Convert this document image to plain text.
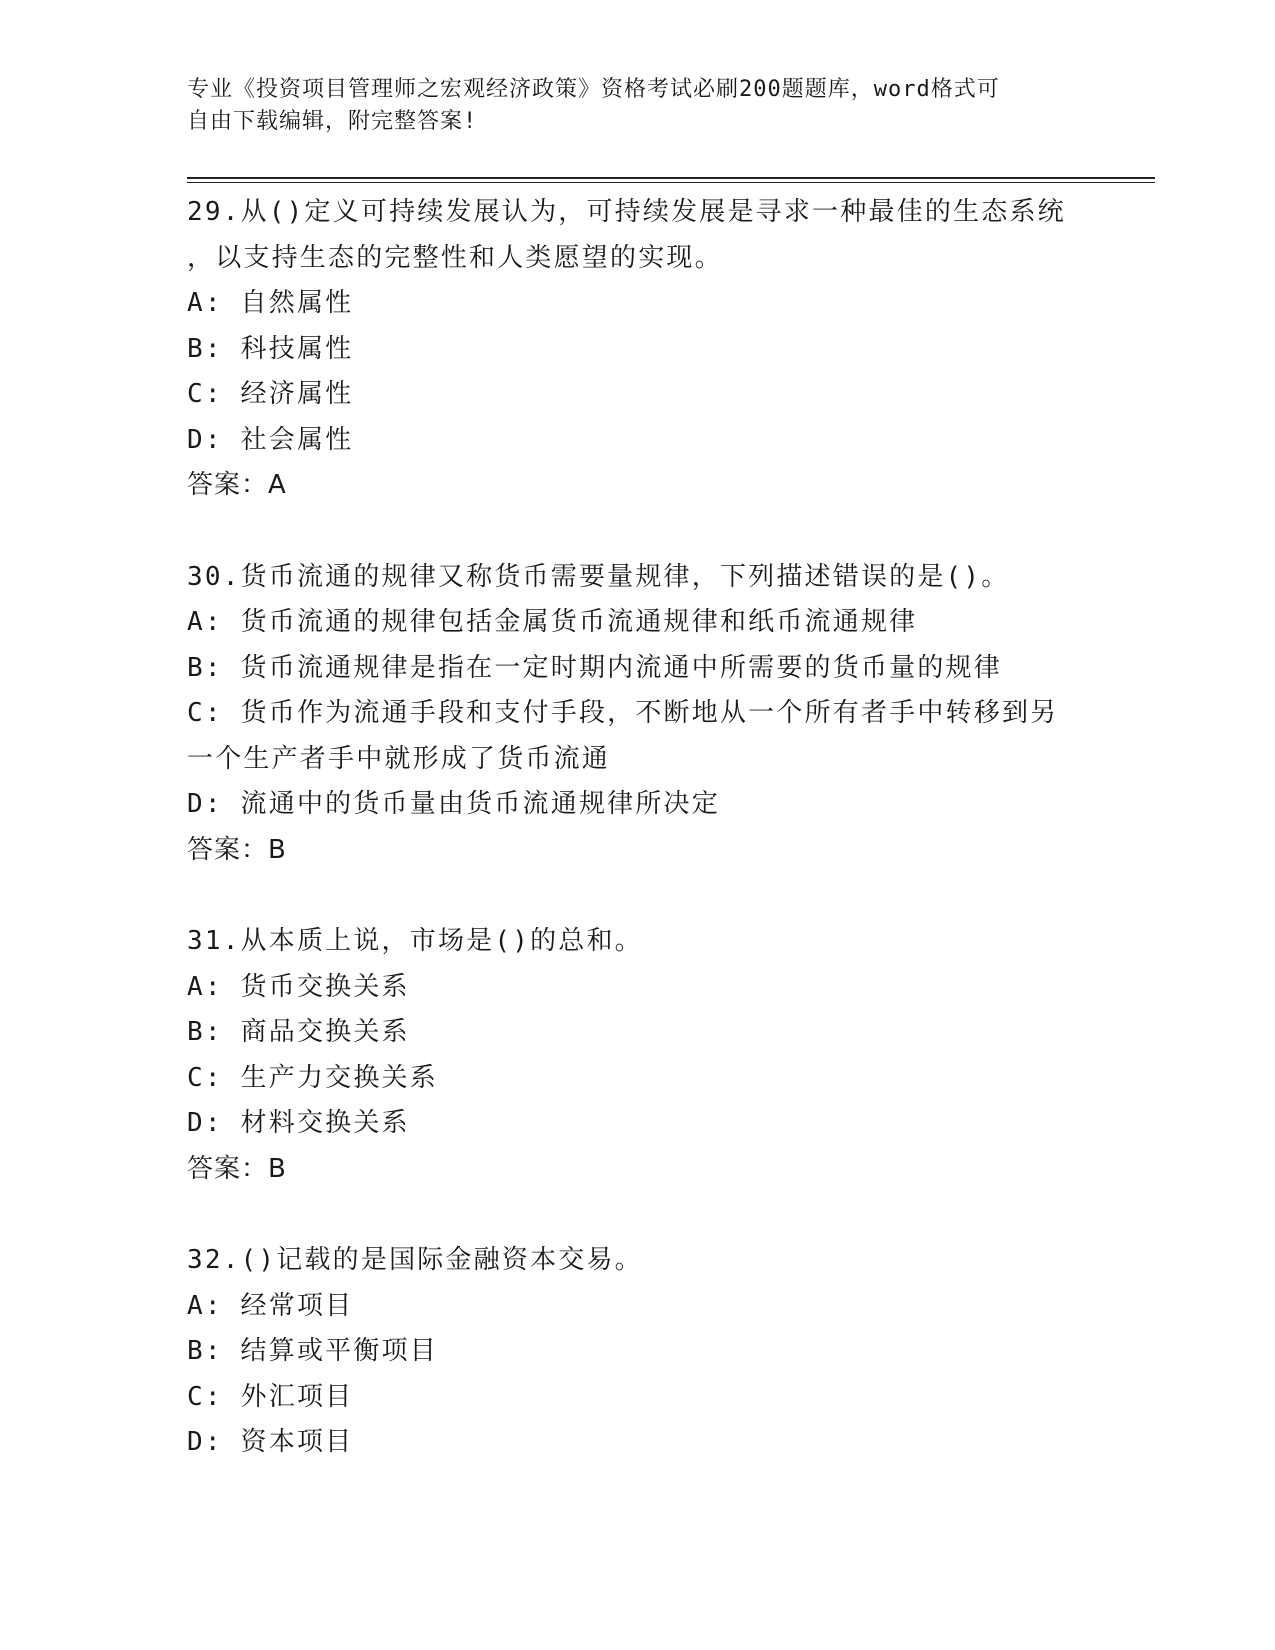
专业《投资项目管理师之宏观经济政策》资格考试必刷200题题库，word格式可
自由下载编辑，附完整答案!
29.从()定义可持续发展认为，可持续发展是寻求一种最佳的生态系统
，以支持生态的完整性和人类愿望的实现。
A: 自然属性
B: 科技属性
C: 经济属性
D: 社会属性
答案：A
30.货币流通的规律又称货币需要量规律，下列描述错误的是()。
A: 货币流通的规律包括金属货币流通规律和纸币流通规律
B: 货币流通规律是指在一定时期内流通中所需要的货币量的规律
C: 货币作为流通手段和支付手段，不断地从一个所有者手中转移到另
一个生产者手中就形成了货币流通
D: 流通中的货币量由货币流通规律所决定
答案：B
31.从本质上说，市场是()的总和。
A: 货币交换关系
B: 商品交换关系
C: 生产力交换关系
D: 材料交换关系
答案：B
32.()记载的是国际金融资本交易。
A: 经常项目
B: 结算或平衡项目
C: 外汇项目
D: 资本项目
